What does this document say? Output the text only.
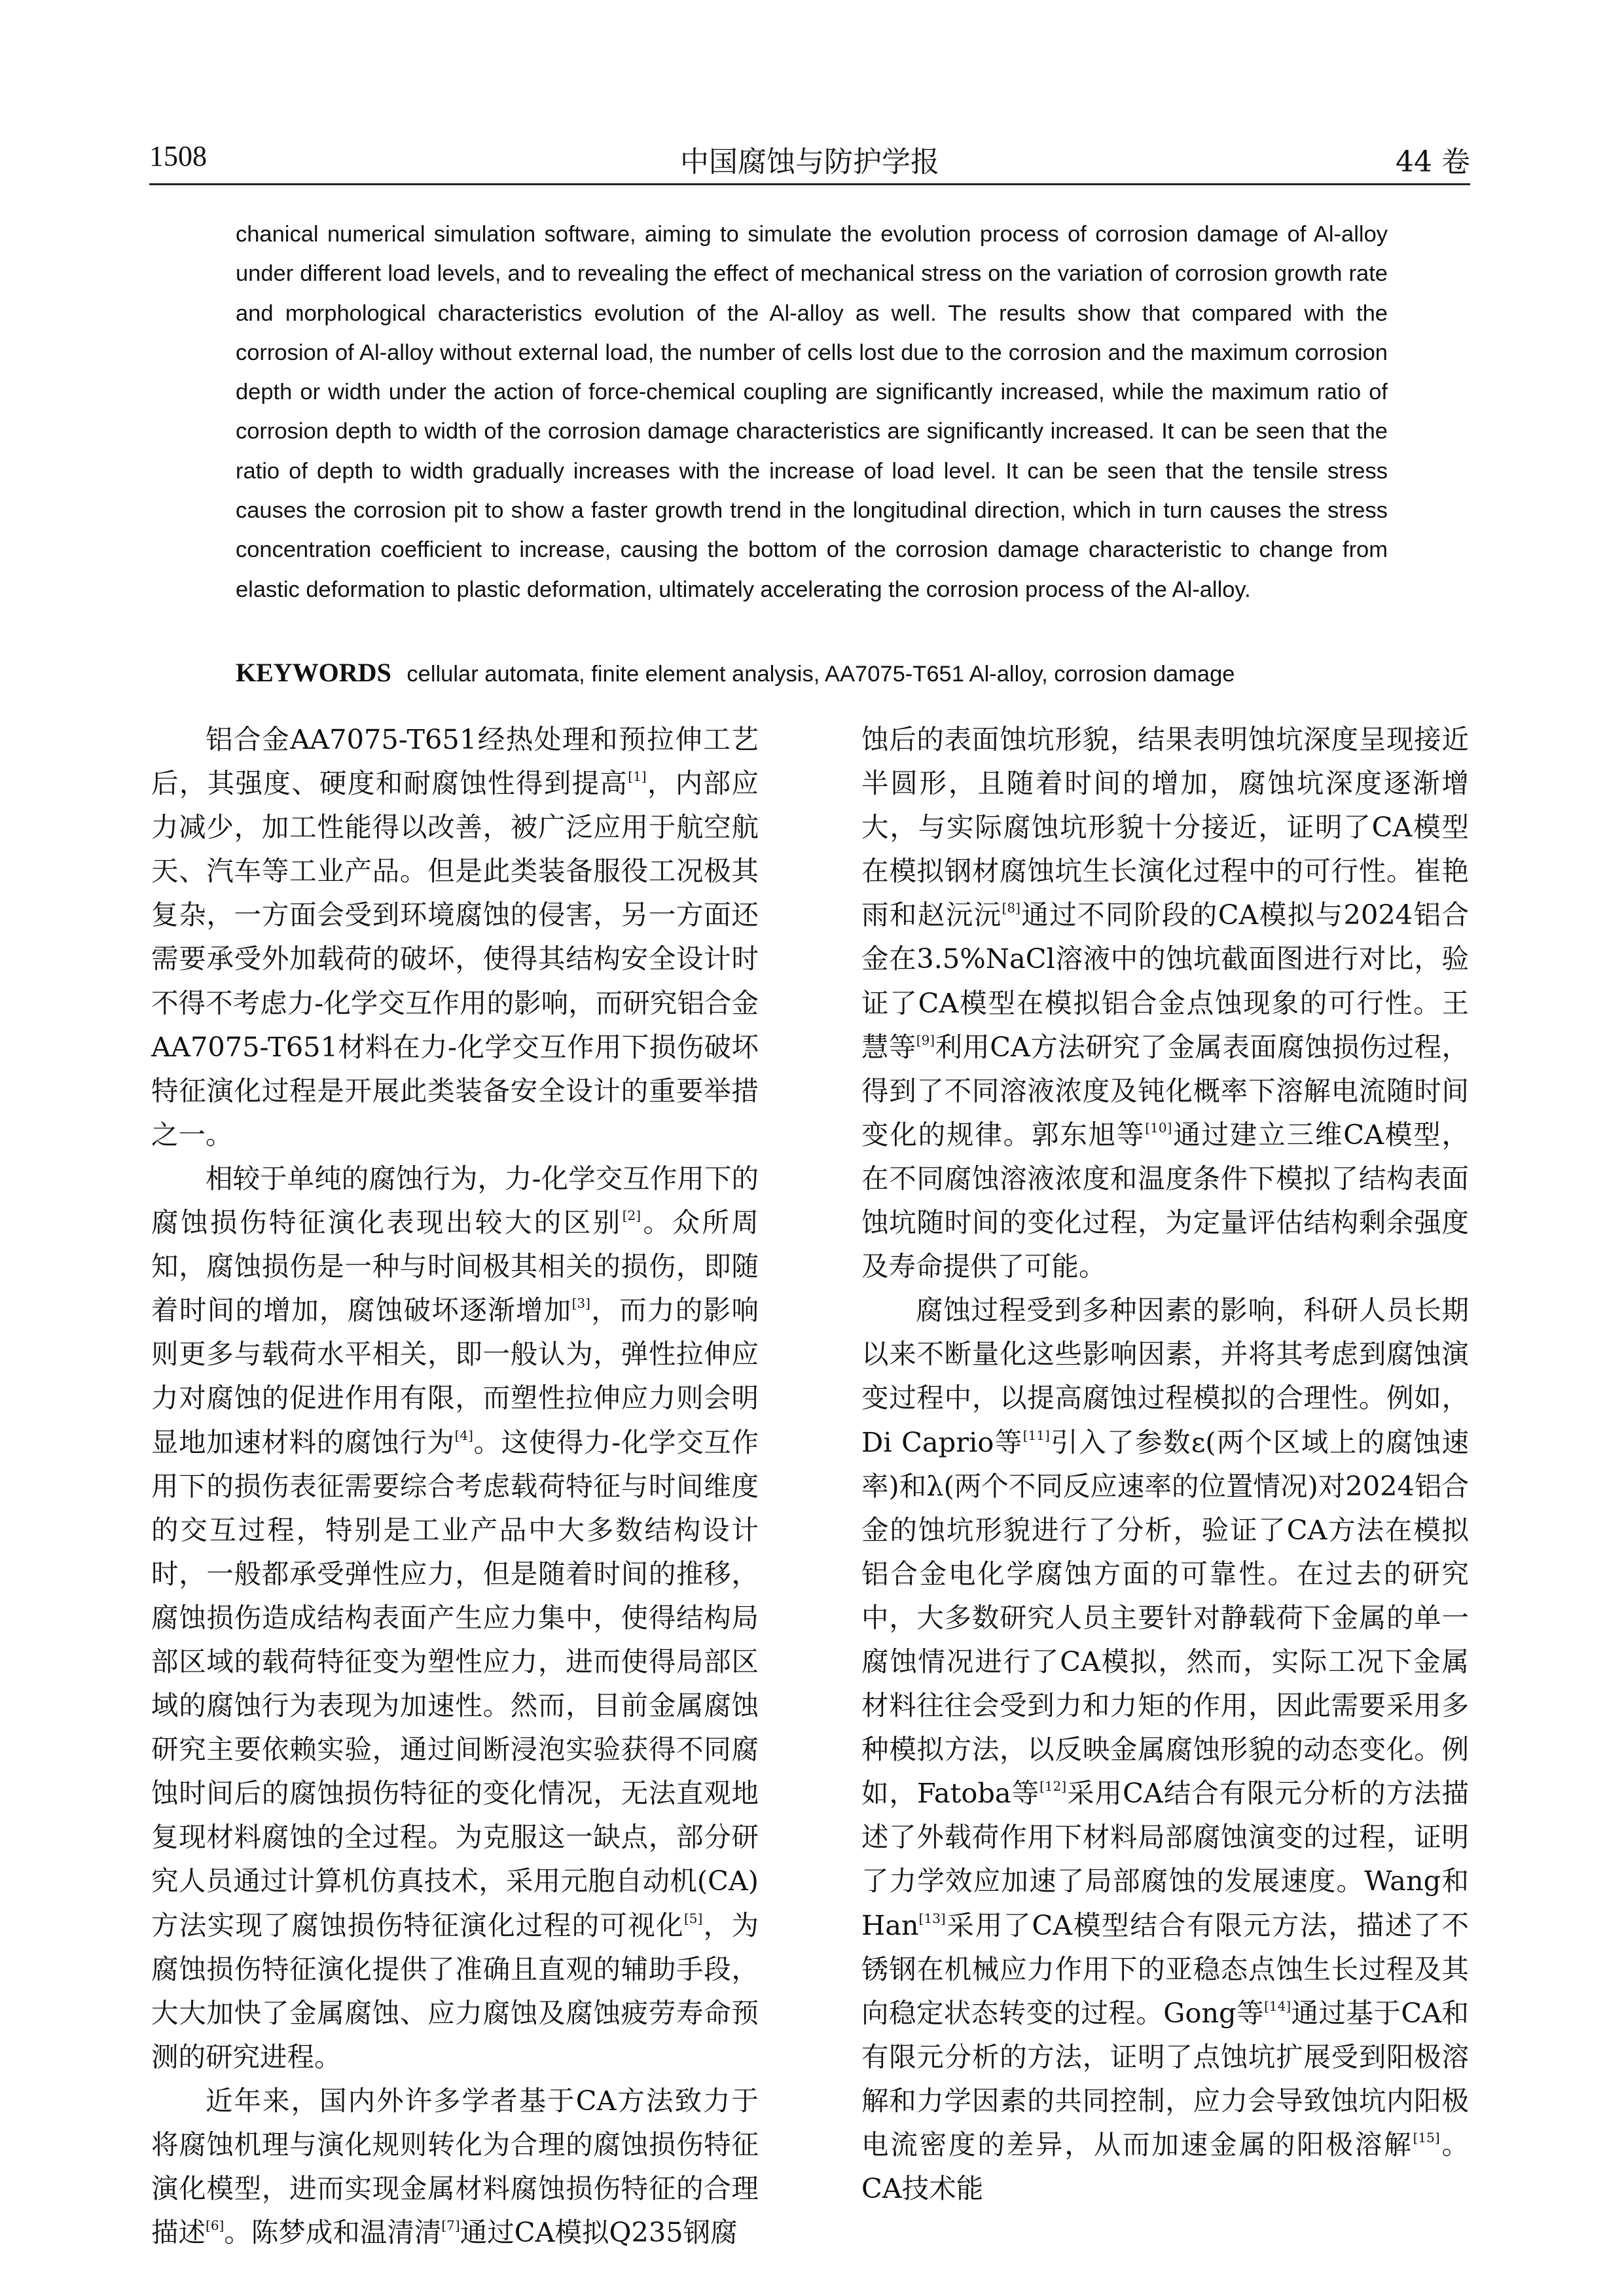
1508	中国腐蚀与防护学报	44 卷
chanical numerical simulation software, aiming to simulate the evolution process of corrosion damage of Al-alloy under different load levels, and to revealing the effect of mechanical stress on the variation of corrosion growth rate and morphological characteristics evolution of the Al-alloy as well. The results show that compared with the corrosion of Al-alloy without external load, the number of cells lost due to the corrosion and the maximum corrosion depth or width under the action of force-chemical coupling are significantly increased, while the maximum ratio of corrosion depth to width of the corrosion damage characteristics are significantly increased. It can be seen that the ratio of depth to width gradually increases with the increase of load level. It can be seen that the tensile stress causes the corrosion pit to show a faster growth trend in the longitudinal direction, which in turn causes the stress concentration coefficient to increase, causing the bottom of the corrosion damage characteristic to change from elastic deformation to plastic deformation, ultimately accelerating the corrosion process of the Al-alloy.
KEYWORDS cellular automata, finite element analysis, AA7075-T651 Al-alloy, corrosion damage

铝合金AA7075-T651经热处理和预拉伸工艺后，其强度、硬度和耐腐蚀性得到提高[1]，内部应力减少，加工性能得以改善，被广泛应用于航空航天、汽车等工业产品。但是此类装备服役工况极其复杂，一方面会受到环境腐蚀的侵害，另一方面还需要承受外加载荷的破坏，使得其结构安全设计时不得不考虑力-化学交互作用的影响，而研究铝合金AA7075-T651材料在力-化学交互作用下损伤破坏特征演化过程是开展此类装备安全设计的重要举措之一。

相较于单纯的腐蚀行为，力-化学交互作用下的腐蚀损伤特征演化表现出较大的区别[2]。众所周知，腐蚀损伤是一种与时间极其相关的损伤，即随着时间的增加，腐蚀破坏逐渐增加[3]，而力的影响则更多与载荷水平相关，即一般认为，弹性拉伸应力对腐蚀的促进作用有限，而塑性拉伸应力则会明显地加速材料的腐蚀行为[4]。这使得力-化学交互作用下的损伤表征需要综合考虑载荷特征与时间维度的交互过程，特别是工业产品中大多数结构设计时，一般都承受弹性应力，但是随着时间的推移，腐蚀损伤造成结构表面产生应力集中，使得结构局部区域的载荷特征变为塑性应力，进而使得局部区域的腐蚀行为表现为加速性。然而，目前金属腐蚀研究主要依赖实验，通过间断浸泡实验获得不同腐蚀时间后的腐蚀损伤特征的变化情况，无法直观地复现材料腐蚀的全过程。为克服这一缺点，部分研究人员通过计算机仿真技术，采用元胞自动机(CA)方法实现了腐蚀损伤特征演化过程的可视化[5]，为腐蚀损伤特征演化提供了准确且直观的辅助手段，大大加快了金属腐蚀、应力腐蚀及腐蚀疲劳寿命预测的研究进程。

近年来，国内外许多学者基于CA方法致力于将腐蚀机理与演化规则转化为合理的腐蚀损伤特征演化模型，进而实现金属材料腐蚀损伤特征的合理描述[6]。陈梦成和温清清[7]通过CA模拟Q235钢腐

蚀后的表面蚀坑形貌，结果表明蚀坑深度呈现接近半圆形，且随着时间的增加，腐蚀坑深度逐渐增大，与实际腐蚀坑形貌十分接近，证明了CA模型在模拟钢材腐蚀坑生长演化过程中的可行性。崔艳雨和赵沅沅[8]通过不同阶段的CA模拟与2024铝合金在3.5%NaCl溶液中的蚀坑截面图进行对比，验证了CA模型在模拟铝合金点蚀现象的可行性。王慧等[9]利用CA方法研究了金属表面腐蚀损伤过程，得到了不同溶液浓度及钝化概率下溶解电流随时间变化的规律。郭东旭等[10]通过建立三维CA模型，在不同腐蚀溶液浓度和温度条件下模拟了结构表面蚀坑随时间的变化过程，为定量评估结构剩余强度及寿命提供了可能。

腐蚀过程受到多种因素的影响，科研人员长期以来不断量化这些影响因素，并将其考虑到腐蚀演变过程中，以提高腐蚀过程模拟的合理性。例如，Di Caprio等[11]引入了参数ε(两个区域上的腐蚀速率)和λ(两个不同反应速率的位置情况)对2024铝合金的蚀坑形貌进行了分析，验证了CA方法在模拟铝合金电化学腐蚀方面的可靠性。在过去的研究中，大多数研究人员主要针对静载荷下金属的单一腐蚀情况进行了CA模拟，然而，实际工况下金属材料往往会受到力和力矩的作用，因此需要采用多种模拟方法，以反映金属腐蚀形貌的动态变化。例如，Fatoba等[12]采用CA结合有限元分析的方法描述了外载荷作用下材料局部腐蚀演变的过程，证明了力学效应加速了局部腐蚀的发展速度。Wang和Han[13]采用了CA模型结合有限元方法，描述了不锈钢在机械应力作用下的亚稳态点蚀生长过程及其向稳定状态转变的过程。Gong等[14]通过基于CA和有限元分析的方法，证明了点蚀坑扩展受到阳极溶解和力学因素的共同控制，应力会导致蚀坑内阳极电流密度的差异，从而加速金属的阳极溶解[15]。CA技术能
